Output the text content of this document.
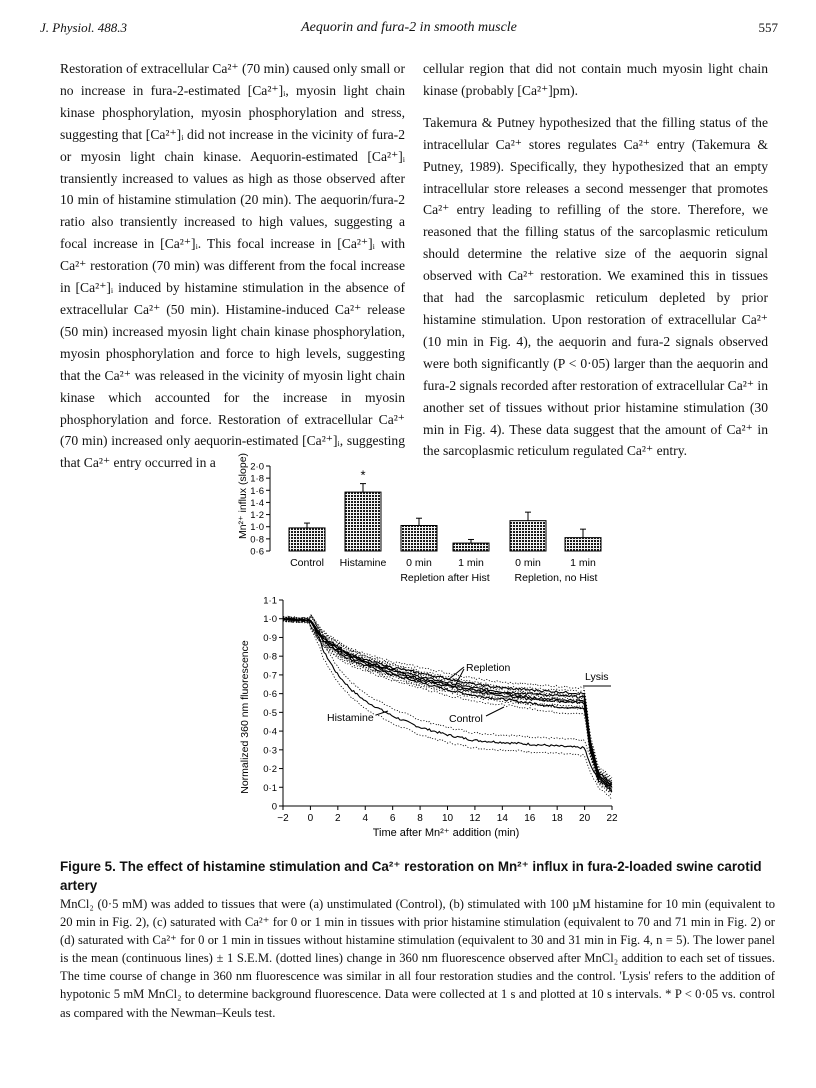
J. Physiol. 488.3	Aequorin and fura-2 in smooth muscle	557

Restoration of extracellular Ca²⁺ (70 min) caused only small or no increase in fura-2-estimated [Ca²⁺]ᵢ, myosin light chain kinase phosphorylation, myosin phosphorylation and stress, suggesting that [Ca²⁺]ᵢ did not increase in the vicinity of fura-2 or myosin light chain kinase. Aequorin-estimated [Ca²⁺]ᵢ transiently increased to values as high as those observed after 10 min of histamine stimulation (20 min). The aequorin/fura-2 ratio also transiently increased to high values, suggesting a focal increase in [Ca²⁺]ᵢ. This focal increase in [Ca²⁺]ᵢ with Ca²⁺ restoration (70 min) was different from the focal increase in [Ca²⁺]ᵢ induced by histamine stimulation in the absence of extracellular Ca²⁺ (50 min). Histamine-induced Ca²⁺ release (50 min) increased myosin light chain kinase phosphorylation, myosin phosphorylation and force to high levels, suggesting that the Ca²⁺ was released in the vicinity of myosin light chain kinase which accounted for the increase in myosin phosphorylation and force. Restoration of extracellular Ca²⁺ (70 min) increased only aequorin-estimated [Ca²⁺]ᵢ, suggesting that Ca²⁺ entry occurred in a

cellular region that did not contain much myosin light chain kinase (probably [Ca²⁺]pm).

Takemura & Putney hypothesized that the filling status of the intracellular Ca²⁺ stores regulates Ca²⁺ entry (Takemura & Putney, 1989). Specifically, they hypothesized that an empty intracellular store releases a second messenger that promotes Ca²⁺ entry leading to refilling of the store. Therefore, we reasoned that the filling status of the sarcoplasmic reticulum should determine the relative size of the aequorin signal observed with Ca²⁺ restoration. We examined this in tissues that had the sarcoplasmic reticulum depleted by prior histamine stimulation. Upon restoration of extracellular Ca²⁺ (10 min in Fig. 4), the aequorin and fura-2 signals observed were both significantly (P < 0·05) larger than the aequorin and fura-2 signals recorded after restoration of extracellular Ca²⁺ in another set of tissues without prior histamine stimulation (30 min in Fig. 4). These data suggest that the amount of Ca²⁺ in the sarcoplasmic reticulum regulated Ca²⁺ entry.

Mn²⁺ influx (slope)
0·6
0·8
1·0
1·2
1·4
1·6
1·8
2·0
Control Histamine 0 min	1 min	0 min	1 min
*
Repletion after Hist Repletion, no Hist
Normalized 360 nm fluorescence
Time after Mn²⁺ addition (min)
0
0·1
0·2
0·3
0·4
0·5
0·6
0·7
0·8
0·9
1·0
1·1
−2 0 2 4 6 8 10 12 14 16 18 20 22
Repletion
Lysis
Control
Histamine
Figure 5. The effect of histamine stimulation and Ca²⁺ restoration on Mn²⁺ influx in fura-2-loaded swine carotid artery
MnCl₂ (0·5 mM) was added to tissues that were (a) unstimulated (Control), (b) stimulated with 100 µM histamine for 10 min (equivalent to 20 min in Fig. 2), (c) saturated with Ca²⁺ for 0 or 1 min in tissues with prior histamine stimulation (equivalent to 70 and 71 min in Fig. 2) or (d) saturated with Ca²⁺ for 0 or 1 min in tissues without histamine stimulation (equivalent to 30 and 31 min in Fig. 4, n = 5). The lower panel is the mean (continuous lines) ± 1 S.E.M. (dotted lines) change in 360 nm fluorescence observed after MnCl₂ addition to each set of tissues. The time course of change in 360 nm fluorescence was similar in all four restoration studies and the control. 'Lysis' refers to the addition of hypotonic 5 mM MnCl₂ to determine background fluorescence. Data were collected at 1 s and plotted at 10 s intervals. * P < 0·05 vs. control as compared with the Newman–Keuls test.
